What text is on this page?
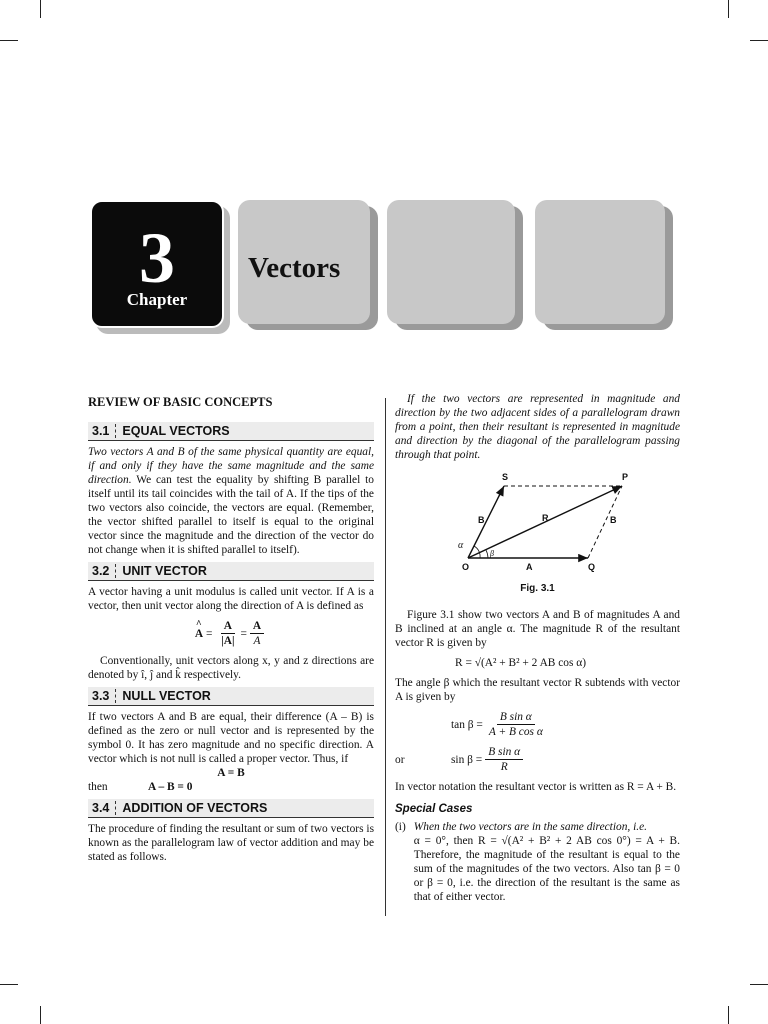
3
Chapter
Vectors
REVIEW OF BASIC CONCEPTS
3.1	EQUAL VECTORS

Two vectors A and B of the same physical quantity are equal, if and only if they have the same magnitude and the same direction. We can test the equality by shifting B parallel to itself until its tail coincides with the tail of A. If the tips of the two vectors also coincide, the vectors are equal. (Remember, the vector shifted parallel to itself is equal to the original vector since the magnitude and the direction of the vector do not change when it is shifted parallel to itself).

3.2	UNIT VECTOR

A vector having a unit modulus is called unit vector. If A is a vector, then unit vector along the direction of A is defined as

^ $A = \frac{A}{|A|} = \frac{A}{A}$

Conventionally, unit vectors along x, y and z directions are denoted by î, ĵ and k̂ respectively.

3.3	NULL VECTOR

If two vectors A and B are equal, their difference (A – B) is defined as the zero or null vector and is represented by the symbol 0. It has zero magnitude and no specific direction. A vector which is not null is called a proper vector. Thus, if

A = B
then	A – B = 0
3.4	ADDITION OF VECTORS

The procedure of finding the resultant or sum of two vectors is known as the parallelogram law of vector addition and may be stated as follows.

If the two vectors are represented in magnitude and direction by the two adjacent sides of a parallelogram drawn from a point, then their resultant is represented in magnitude and direction by the diagonal of the parallelogram passing through that point.

S	P
B	R	B
A
O	Q
α
β
Fig. 3.1

Figure 3.1 show two vectors A and B of magnitudes A and B inclined at an angle α. The magnitude R of the resultant vector R is given by

R = √(A² + B² + 2 AB cos α)

The angle β which the resultant vector R subtends with vector A is given by

$\tan \beta = \frac{\text{B sin α}}{\text{A + B cos α}}$
or	$\sin \beta = \frac{\text{B sin α}}{R}$

In vector notation the resultant vector is written as R = A + B.

Special Cases
(i) When the two vectors are in the same direction, i.e.

α = 0°, then R = √(A² + B² + 2 AB cos 0°) = A + B. Therefore, the magnitude of the resultant is equal to the sum of the magnitudes of the two vectors. Also tan β = 0 or β = 0, i.e. the direction of the resultant is the same as that of either vector.
